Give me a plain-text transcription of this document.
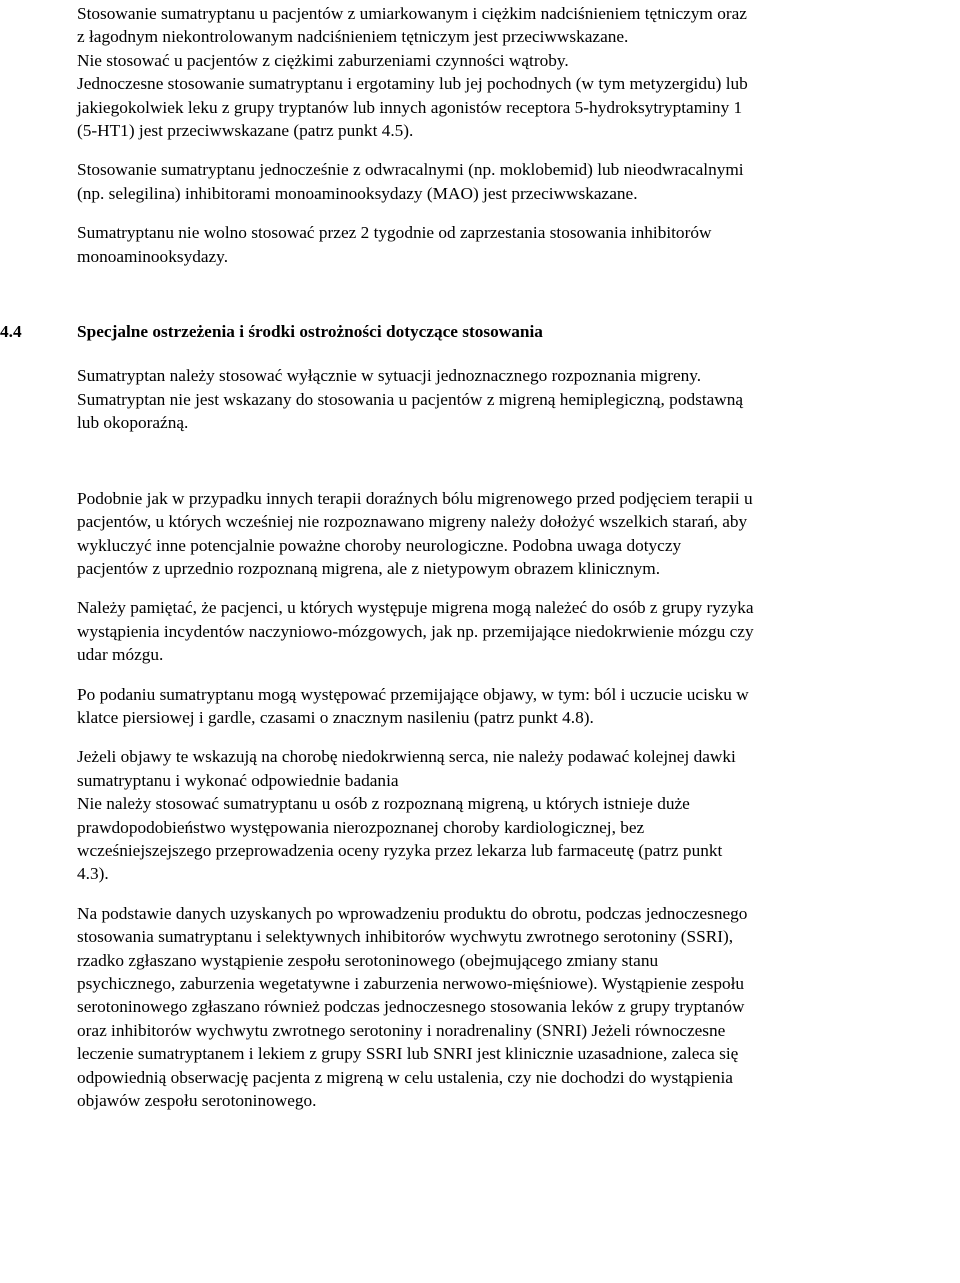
Stosowanie sumatryptanu u pacjentów z umiarkowanym i ciężkim nadciśnieniem tętniczym oraz
z łagodnym niekontrolowanym nadciśnieniem tętniczym jest przeciwwskazane.
Nie stosować u pacjentów z ciężkimi zaburzeniami czynności wątroby.
Jednoczesne stosowanie sumatryptanu i ergotaminy lub jej pochodnych (w tym metyzergidu) lub
jakiegokolwiek leku z grupy tryptanów lub innych agonistów receptora 5-hydroksytryptaminy 1
(5-HT1) jest przeciwwskazane (patrz punkt 4.5).

Stosowanie sumatryptanu jednocześnie z odwracalnymi (np. moklobemid) lub nieodwracalnymi
(np. selegilina) inhibitorami monoaminooksydazy (MAO) jest przeciwwskazane.

Sumatryptanu nie wolno stosować przez 2 tygodnie od zaprzestania stosowania inhibitorów
monoaminooksydazy.

4.4	Specjalne ostrzeżenia i środki ostrożności dotyczące stosowania

Sumatryptan należy stosować wyłącznie w sytuacji jednoznacznego rozpoznania migreny.
Sumatryptan nie jest wskazany do stosowania u pacjentów z migreną hemiplegiczną, podstawną
lub okoporaźną.

Podobnie jak w przypadku innych terapii doraźnych bólu migrenowego przed podjęciem terapii u
pacjentów, u których wcześniej nie rozpoznawano migreny należy dołożyć wszelkich starań, aby
wykluczyć inne potencjalnie poważne choroby neurologiczne. Podobna uwaga dotyczy
pacjentów z uprzednio rozpoznaną migrena, ale z nietypowym obrazem klinicznym.

Należy pamiętać, że pacjenci, u których występuje migrena mogą należeć do osób z grupy ryzyka
wystąpienia incydentów naczyniowo-mózgowych, jak np. przemijające niedokrwienie mózgu czy
udar mózgu.

Po podaniu sumatryptanu mogą występować przemijające objawy, w tym: ból i uczucie ucisku w
klatce piersiowej i gardle, czasami o znacznym nasileniu (patrz punkt 4.8).

Jeżeli objawy te wskazują na chorobę niedokrwienną serca, nie należy podawać kolejnej dawki
sumatryptanu i wykonać odpowiednie badania
Nie należy stosować sumatryptanu u osób z rozpoznaną migreną, u których istnieje duże
prawdopodobieństwo występowania nierozpoznanej choroby kardiologicznej, bez
wcześniejszejszego przeprowadzenia oceny ryzyka przez lekarza lub farmaceutę (patrz punkt
4.3).

Na podstawie danych uzyskanych po wprowadzeniu produktu do obrotu, podczas jednoczesnego
stosowania sumatryptanu i selektywnych inhibitorów wychwytu zwrotnego serotoniny (SSRI),
rzadko zgłaszano wystąpienie zespołu serotoninowego (obejmującego zmiany stanu
psychicznego, zaburzenia wegetatywne i zaburzenia nerwowo-mięśniowe). Wystąpienie zespołu
serotoninowego zgłaszano również podczas jednoczesnego stosowania leków z grupy tryptanów
oraz inhibitorów wychwytu zwrotnego serotoniny i noradrenaliny (SNRI) Jeżeli równoczesne
leczenie sumatryptanem i lekiem z grupy SSRI lub SNRI jest klinicznie uzasadnione, zaleca się
odpowiednią obserwację pacjenta z migreną w celu ustalenia, czy nie dochodzi do wystąpienia
objawów zespołu serotoninowego.
